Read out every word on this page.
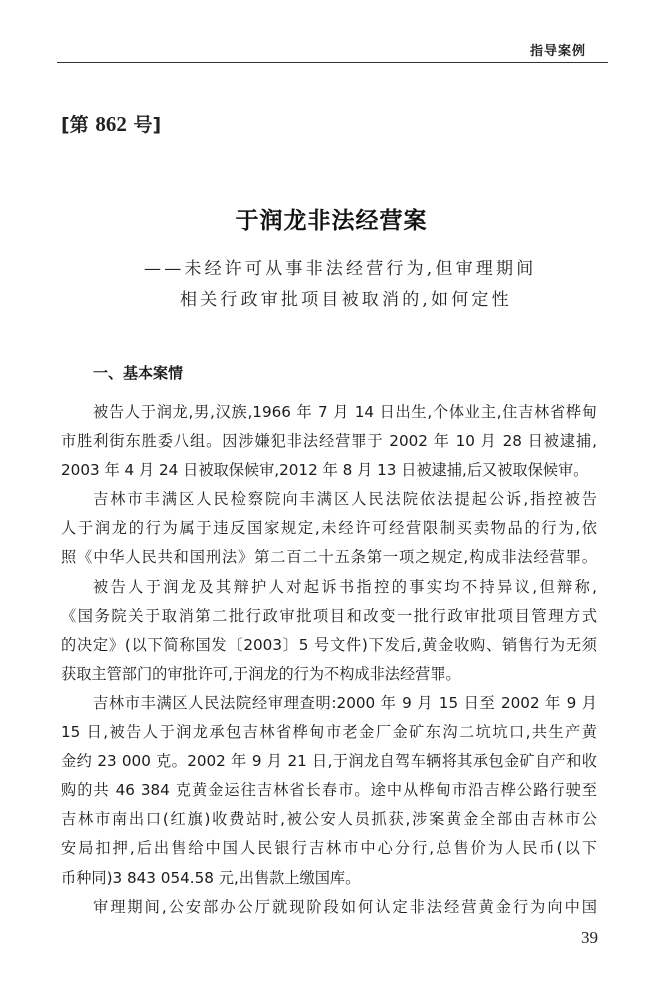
指导案例
[第 862 号]
于润龙非法经营案
——未经许可从事非法经营行为,但审理期间
相关行政审批项目被取消的,如何定性
一、基本案情
被告人于润龙,男,汉族,1966 年 7 月 14 日出生,个体业主,住吉林省桦甸
市胜利街东胜委八组。因涉嫌犯非法经营罪于 2002 年 10 月 28 日被逮捕,
2003 年 4 月 24 日被取保候审,2012 年 8 月 13 日被逮捕,后又被取保候审。
吉林市丰满区人民检察院向丰满区人民法院依法提起公诉,指控被告
人于润龙的行为属于违反国家规定,未经许可经营限制买卖物品的行为,依
照《中华人民共和国刑法》第二百二十五条第一项之规定,构成非法经营罪。
被告人于润龙及其辩护人对起诉书指控的事实均不持异议,但辩称,
《国务院关于取消第二批行政审批项目和改变一批行政审批项目管理方式
的决定》(以下简称国发〔2003〕5 号文件)下发后,黄金收购、销售行为无须
获取主管部门的审批许可,于润龙的行为不构成非法经营罪。
吉林市丰满区人民法院经审理查明:2000 年 9 月 15 日至 2002 年 9 月
15 日,被告人于润龙承包吉林省桦甸市老金厂金矿东沟二坑坑口,共生产黄
金约 23 000 克。2002 年 9 月 21 日,于润龙自驾车辆将其承包金矿自产和收
购的共 46 384 克黄金运往吉林省长春市。途中从桦甸市沿吉桦公路行驶至
吉林市南出口(红旗)收费站时,被公安人员抓获,涉案黄金全部由吉林市公
安局扣押,后出售给中国人民银行吉林市中心分行,总售价为人民币(以下
币种同)3 843 054.58 元,出售款上缴国库。
审理期间,公安部办公厅就现阶段如何认定非法经营黄金行为向中国
39
